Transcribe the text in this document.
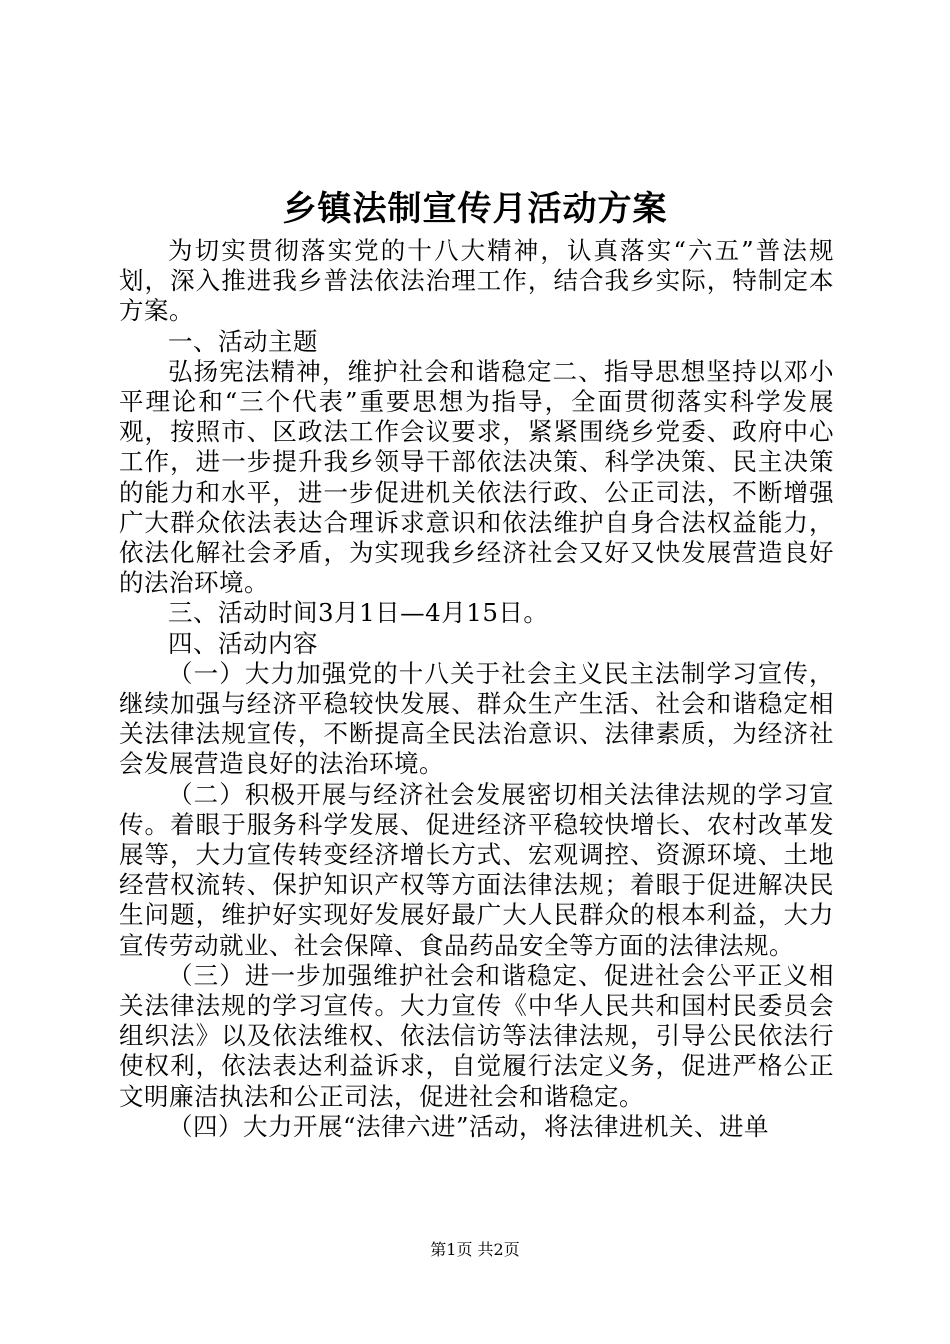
乡镇法制宣传月活动方案

为切实贯彻落实党的十八大精神，认真落实“六五”普法规划，深入推进我乡普法依法治理工作，结合我乡实际，特制定本方案。

一、活动主题

弘扬宪法精神，维护社会和谐稳定二、指导思想坚持以邓小平理论和“三个代表”重要思想为指导，全面贯彻落实科学发展观，按照市、区政法工作会议要求，紧紧围绕乡党委、政府中心工作，进一步提升我乡领导干部依法决策、科学决策、民主决策的能力和水平，进一步促进机关依法行政、公正司法，不断增强广大群众依法表达合理诉求意识和依法维护自身合法权益能力，依法化解社会矛盾，为实现我乡经济社会又好又快发展营造良好的法治环境。

三、活动时间3月1日—4月15日。

四、活动内容

（一）大力加强党的十八关于社会主义民主法制学习宣传，继续加强与经济平稳较快发展、群众生产生活、社会和谐稳定相关法律法规宣传，不断提高全民法治意识、法律素质，为经济社会发展营造良好的法治环境。

（二）积极开展与经济社会发展密切相关法律法规的学习宣传。着眼于服务科学发展、促进经济平稳较快增长、农村改革发展等，大力宣传转变经济增长方式、宏观调控、资源环境、土地经营权流转、保护知识产权等方面法律法规；着眼于促进解决民生问题，维护好实现好发展好最广大人民群众的根本利益，大力宣传劳动就业、社会保障、食品药品安全等方面的法律法规。

（三）进一步加强维护社会和谐稳定、促进社会公平正义相关法律法规的学习宣传。大力宣传《中华人民共和国村民委员会组织法》以及依法维权、依法信访等法律法规，引导公民依法行使权利，依法表达利益诉求，自觉履行法定义务，促进严格公正文明廉洁执法和公正司法，促进社会和谐稳定。

（四）大力开展“法律六进”活动，将法律进机关、进单

第1页 共2页
